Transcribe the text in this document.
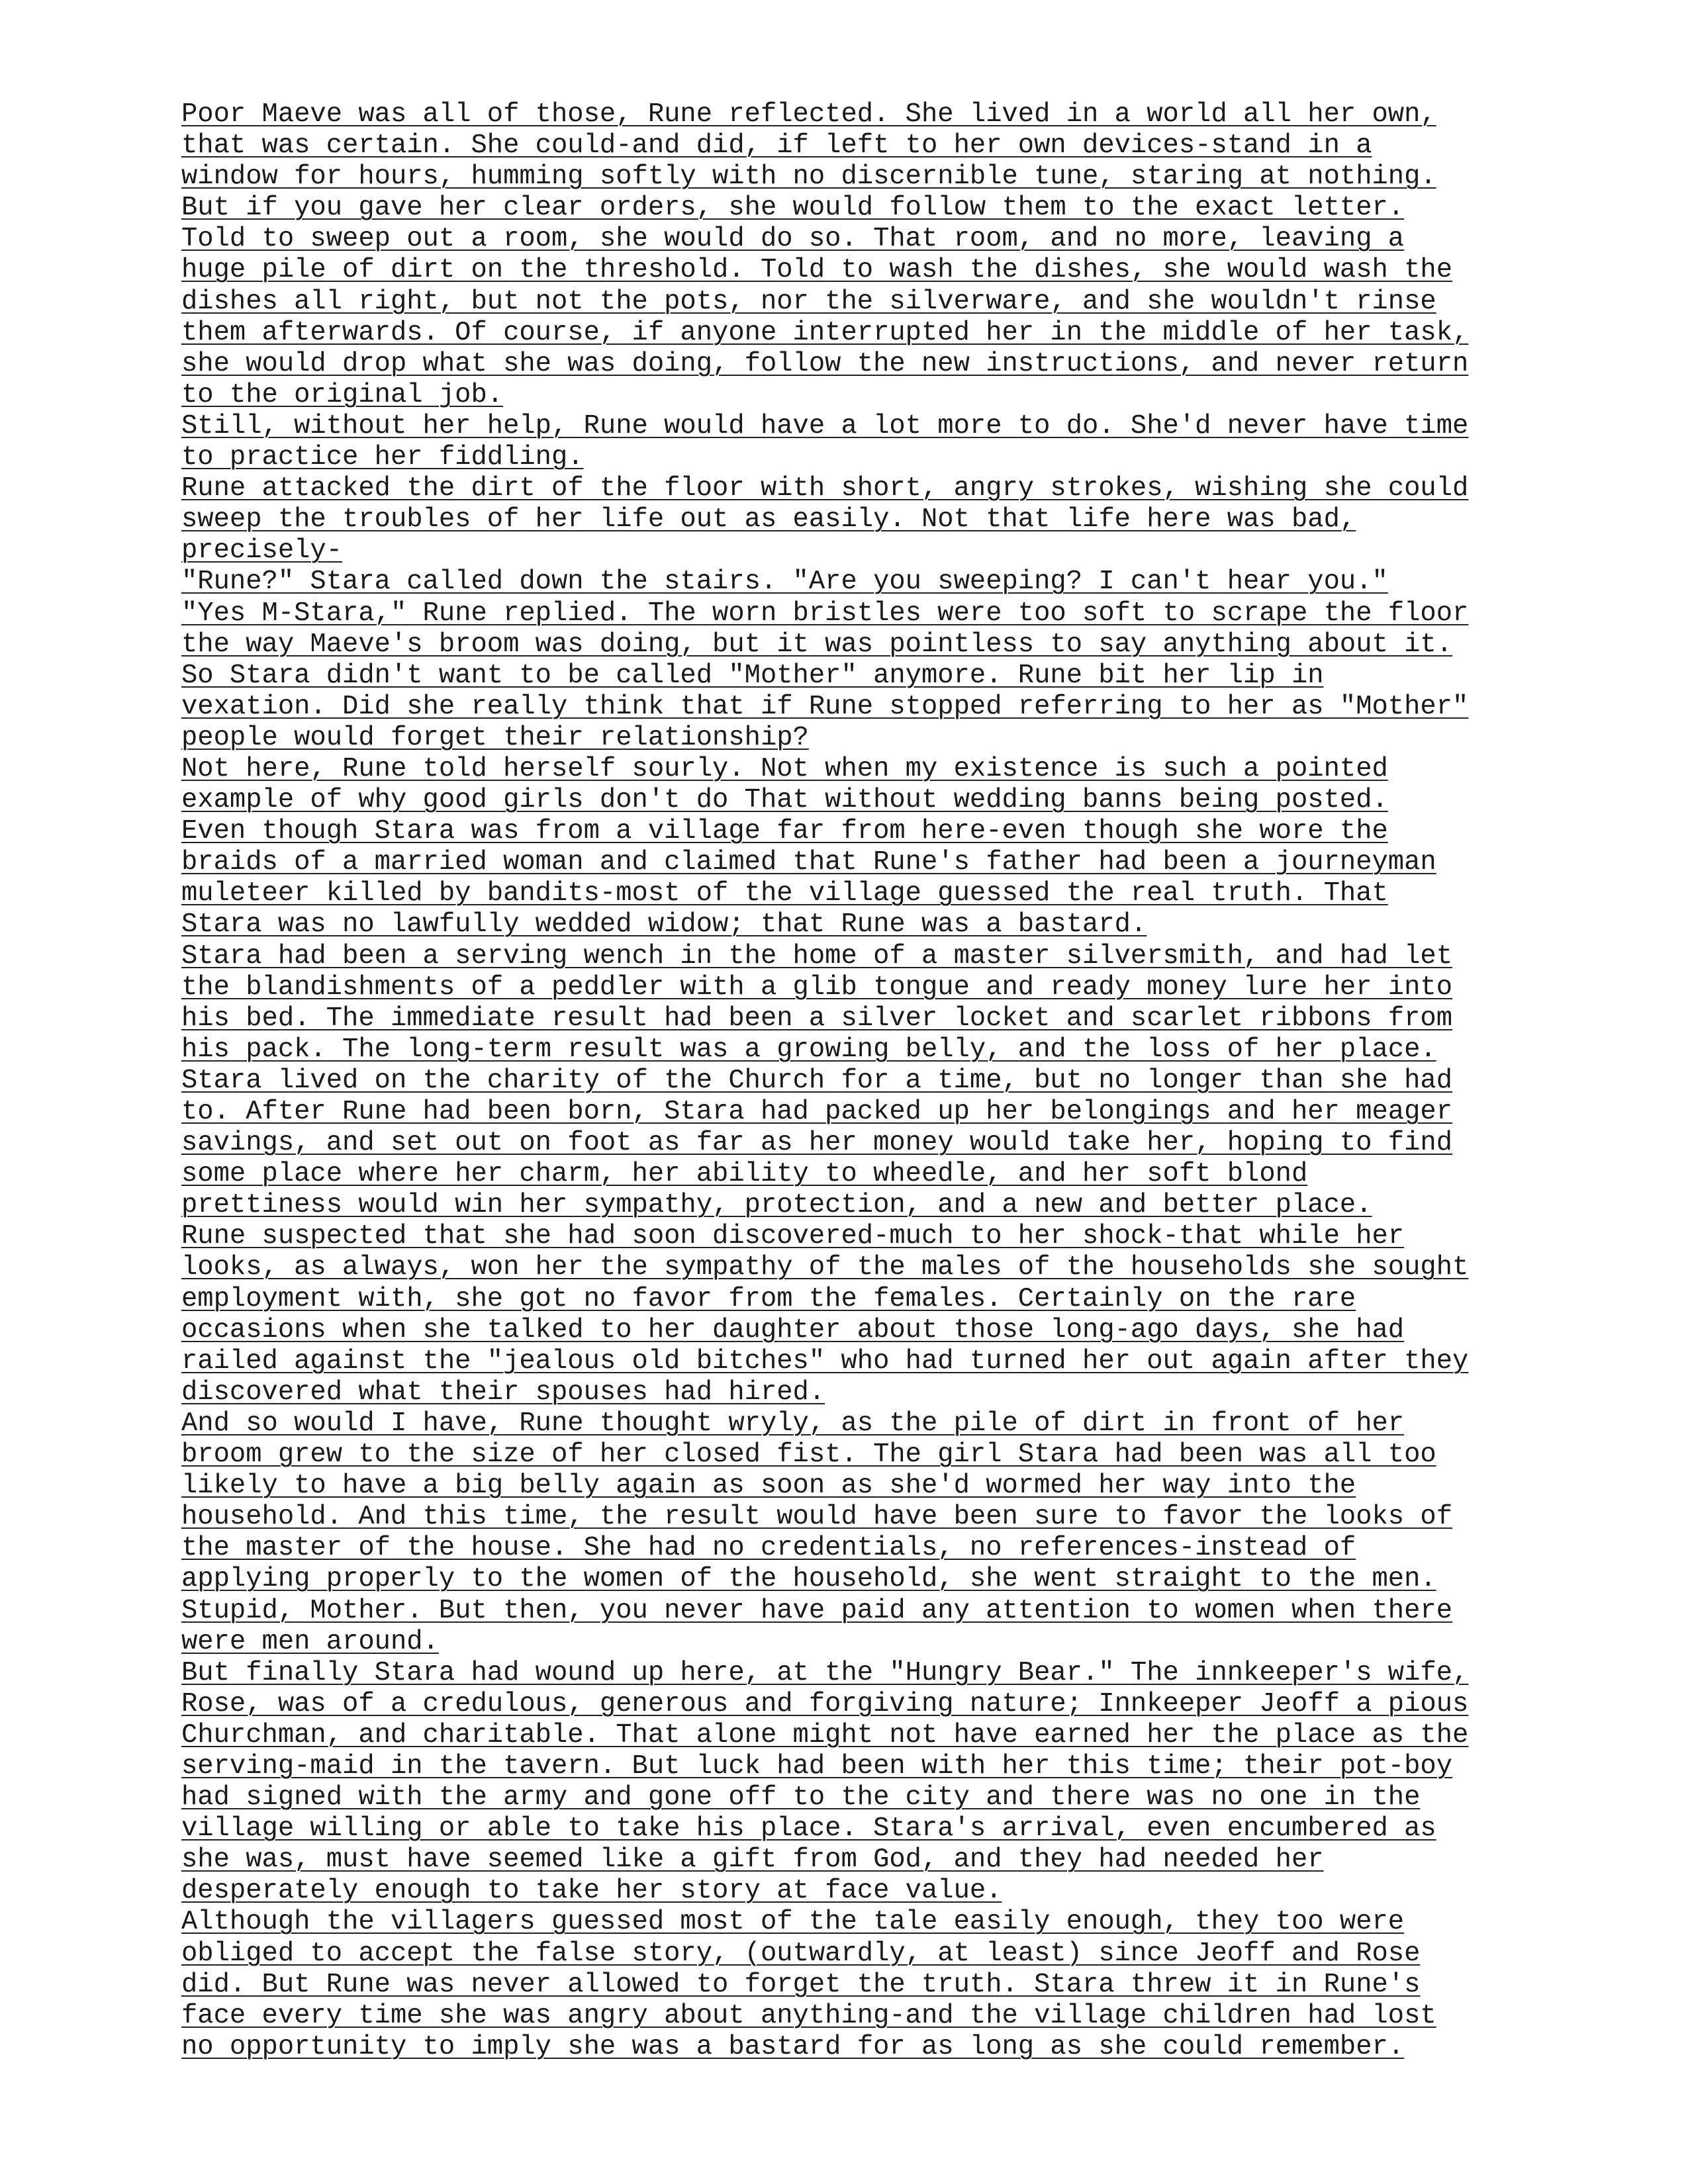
Poor Maeve was all of those, Rune reflected. She lived in a world all her own,
that was certain. She could-and did, if left to her own devices-stand in a
window for hours, humming softly with no discernible tune, staring at nothing.
But if you gave her clear orders, she would follow them to the exact letter.
Told to sweep out a room, she would do so. That room, and no more, leaving a
huge pile of dirt on the threshold. Told to wash the dishes, she would wash the
dishes all right, but not the pots, nor the silverware, and she wouldn't rinse
them afterwards. Of course, if anyone interrupted her in the middle of her task,
she would drop what she was doing, follow the new instructions, and never return
to the original job.
Still, without her help, Rune would have a lot more to do. She'd never have time
to practice her fiddling.
Rune attacked the dirt of the floor with short, angry strokes, wishing she could
sweep the troubles of her life out as easily. Not that life here was bad,
precisely-
"Rune?" Stara called down the stairs. "Are you sweeping? I can't hear you."
"Yes M-Stara," Rune replied. The worn bristles were too soft to scrape the floor
the way Maeve's broom was doing, but it was pointless to say anything about it.
So Stara didn't want to be called "Mother" anymore. Rune bit her lip in
vexation. Did she really think that if Rune stopped referring to her as "Mother"
people would forget their relationship?
Not here, Rune told herself sourly. Not when my existence is such a pointed
example of why good girls don't do That without wedding banns being posted.
Even though Stara was from a village far from here-even though she wore the
braids of a married woman and claimed that Rune's father had been a journeyman
muleteer killed by bandits-most of the village guessed the real truth. That
Stara was no lawfully wedded widow; that Rune was a bastard.
Stara had been a serving wench in the home of a master silversmith, and had let
the blandishments of a peddler with a glib tongue and ready money lure her into
his bed. The immediate result had been a silver locket and scarlet ribbons from
his pack. The long-term result was a growing belly, and the loss of her place.
Stara lived on the charity of the Church for a time, but no longer than she had
to. After Rune had been born, Stara had packed up her belongings and her meager
savings, and set out on foot as far as her money would take her, hoping to find
some place where her charm, her ability to wheedle, and her soft blond
prettiness would win her sympathy, protection, and a new and better place.
Rune suspected that she had soon discovered-much to her shock-that while her
looks, as always, won her the sympathy of the males of the households she sought
employment with, she got no favor from the females. Certainly on the rare
occasions when she talked to her daughter about those long-ago days, she had
railed against the "jealous old bitches" who had turned her out again after they
discovered what their spouses had hired.
And so would I have, Rune thought wryly, as the pile of dirt in front of her
broom grew to the size of her closed fist. The girl Stara had been was all too
likely to have a big belly again as soon as she'd wormed her way into the
household. And this time, the result would have been sure to favor the looks of
the master of the house. She had no credentials, no references-instead of
applying properly to the women of the household, she went straight to the men.
Stupid, Mother. But then, you never have paid any attention to women when there
were men around.
But finally Stara had wound up here, at the "Hungry Bear." The innkeeper's wife,
Rose, was of a credulous, generous and forgiving nature; Innkeeper Jeoff a pious
Churchman, and charitable. That alone might not have earned her the place as the
serving-maid in the tavern. But luck had been with her this time; their pot-boy
had signed with the army and gone off to the city and there was no one in the
village willing or able to take his place. Stara's arrival, even encumbered as
she was, must have seemed like a gift from God, and they had needed her
desperately enough to take her story at face value.
Although the villagers guessed most of the tale easily enough, they too were
obliged to accept the false story, (outwardly, at least) since Jeoff and Rose
did. But Rune was never allowed to forget the truth. Stara threw it in Rune's
face every time she was angry about anything-and the village children had lost
no opportunity to imply she was a bastard for as long as she could remember.
